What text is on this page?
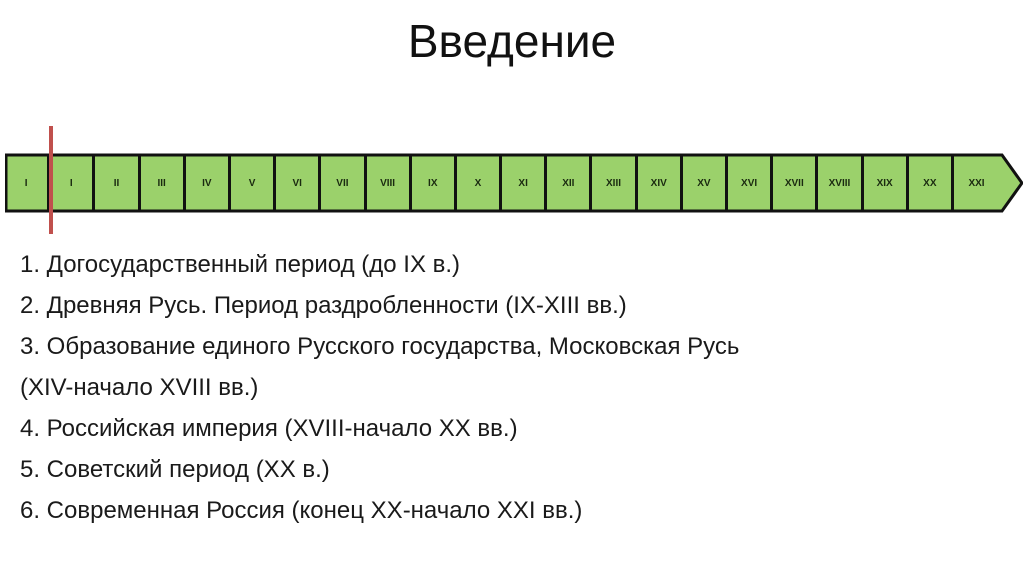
Введение
I	I	II	III	IV	V	VI	VII	VIII	IX	X	XI	XII	XIII	XIV	XV	XVI	XVII	XVIII	XIX	XX	XXI
1. Догосударственный период (до IX в.)
2. Древняя Русь. Период раздробленности (IX-XIII вв.)
3. Образование единого Русского государства, Московская Русь
(XIV-начало XVIII вв.)
4. Российская империя (XVIII-начало XX вв.)
5. Советский период (XX в.)
6. Современная Россия (конец XX-начало XXI вв.)
